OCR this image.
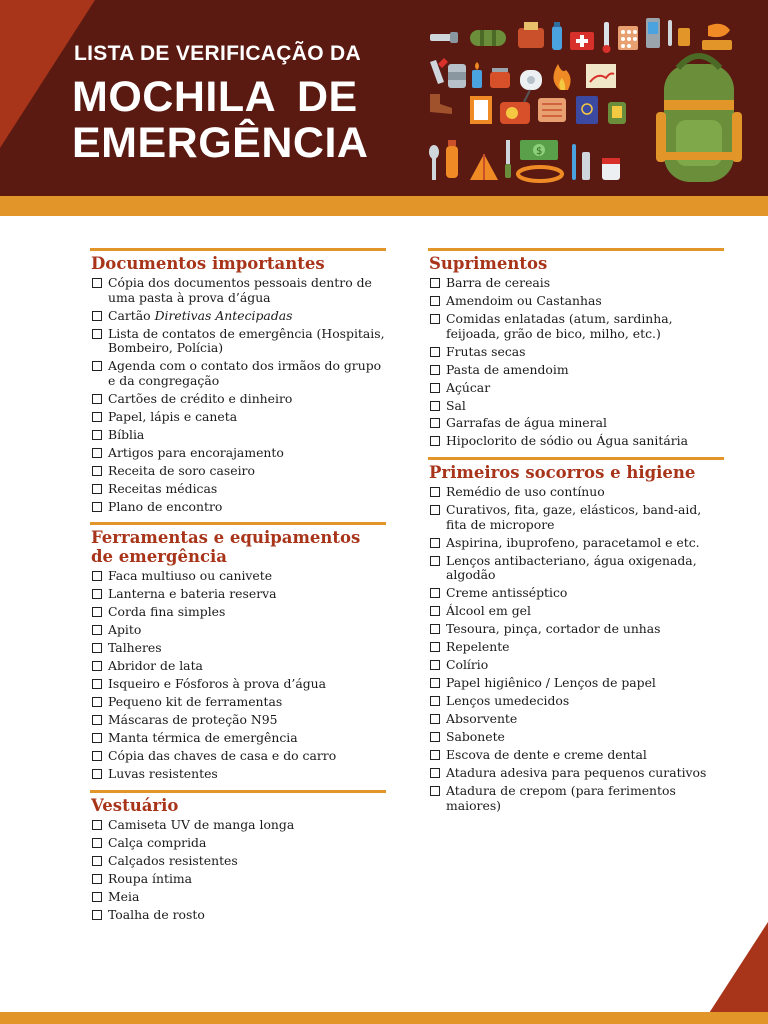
LISTA DE VERIFICAÇÃO DA
MOCHILA DE
EMERGÊNCIA	$
Documentos importantes
Cópia dos documentos pessoais dentro de uma pasta à prova d’água
Cartão Diretivas Antecipadas
Lista de contatos de emergência (Hospitais, Bombeiro, Polícia)
Agenda com o contato dos irmãos do grupo e da congregação
Cartões de crédito e dinheiro
Papel, lápis e caneta
Bíblia
Artigos para encorajamento
Receita de soro caseiro
Receitas médicas
Plano de encontro
Ferramentas e equipamentos de emergência
Faca multiuso ou canivete
Lanterna e bateria reserva
Corda fina simples
Apito
Talheres
Abridor de lata
Isqueiro e Fósforos à prova d’água
Pequeno kit de ferramentas
Máscaras de proteção N95
Manta térmica de emergência
Cópia das chaves de casa e do carro
Luvas resistentes
Vestuário
Camiseta UV de manga longa
Calça comprida
Calçados resistentes
Roupa íntima
Meia
Toalha de rosto
Suprimentos
Barra de cereais
Amendoim ou Castanhas
Comidas enlatadas (atum, sardinha, feijoada, grão de bico, milho, etc.)
Frutas secas
Pasta de amendoim
Açúcar
Sal
Garrafas de água mineral
Hipoclorito de sódio ou Água sanitária
Primeiros socorros e higiene
Remédio de uso contínuo
Curativos, fita, gaze, elásticos, band-aid, fita de micropore
Aspirina, ibuprofeno, paracetamol e etc.
Lenços antibacteriano, água oxigenada, algodão
Creme antisséptico
Álcool em gel
Tesoura, pinça, cortador de unhas
Repelente
Colírio
Papel higiênico / Lenços de papel
Lenços umedecidos
Absorvente
Sabonete
Escova de dente e creme dental
Atadura adesiva para pequenos curativos
Atadura de crepom (para ferimentos maiores)
